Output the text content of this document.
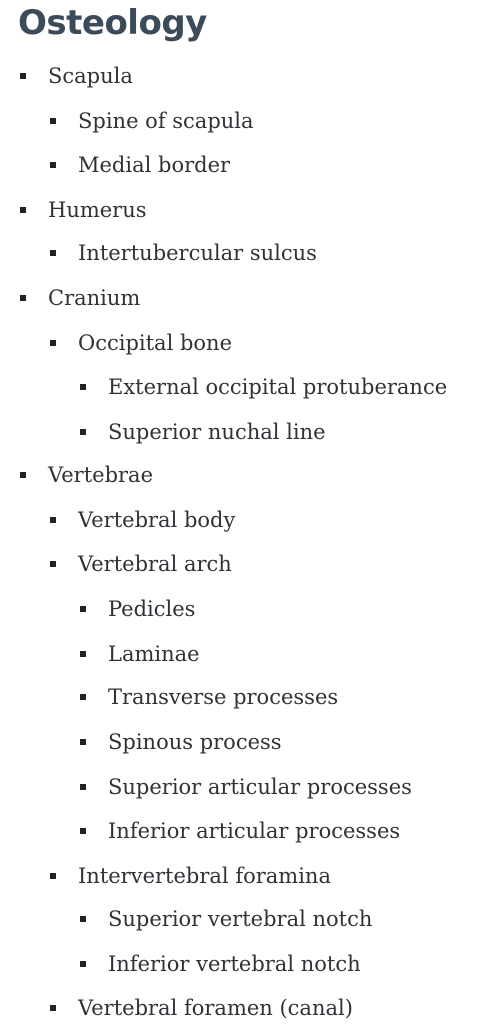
Osteology
Scapula
Spine of scapula
Medial border
Humerus
Intertubercular sulcus
Cranium
Occipital bone
External occipital protuberance
Superior nuchal line
Vertebrae
Vertebral body
Vertebral arch
Pedicles
Laminae
Transverse processes
Spinous process
Superior articular processes
Inferior articular processes
Intervertebral foramina
Superior vertebral notch
Inferior vertebral notch
Vertebral foramen (canal)
